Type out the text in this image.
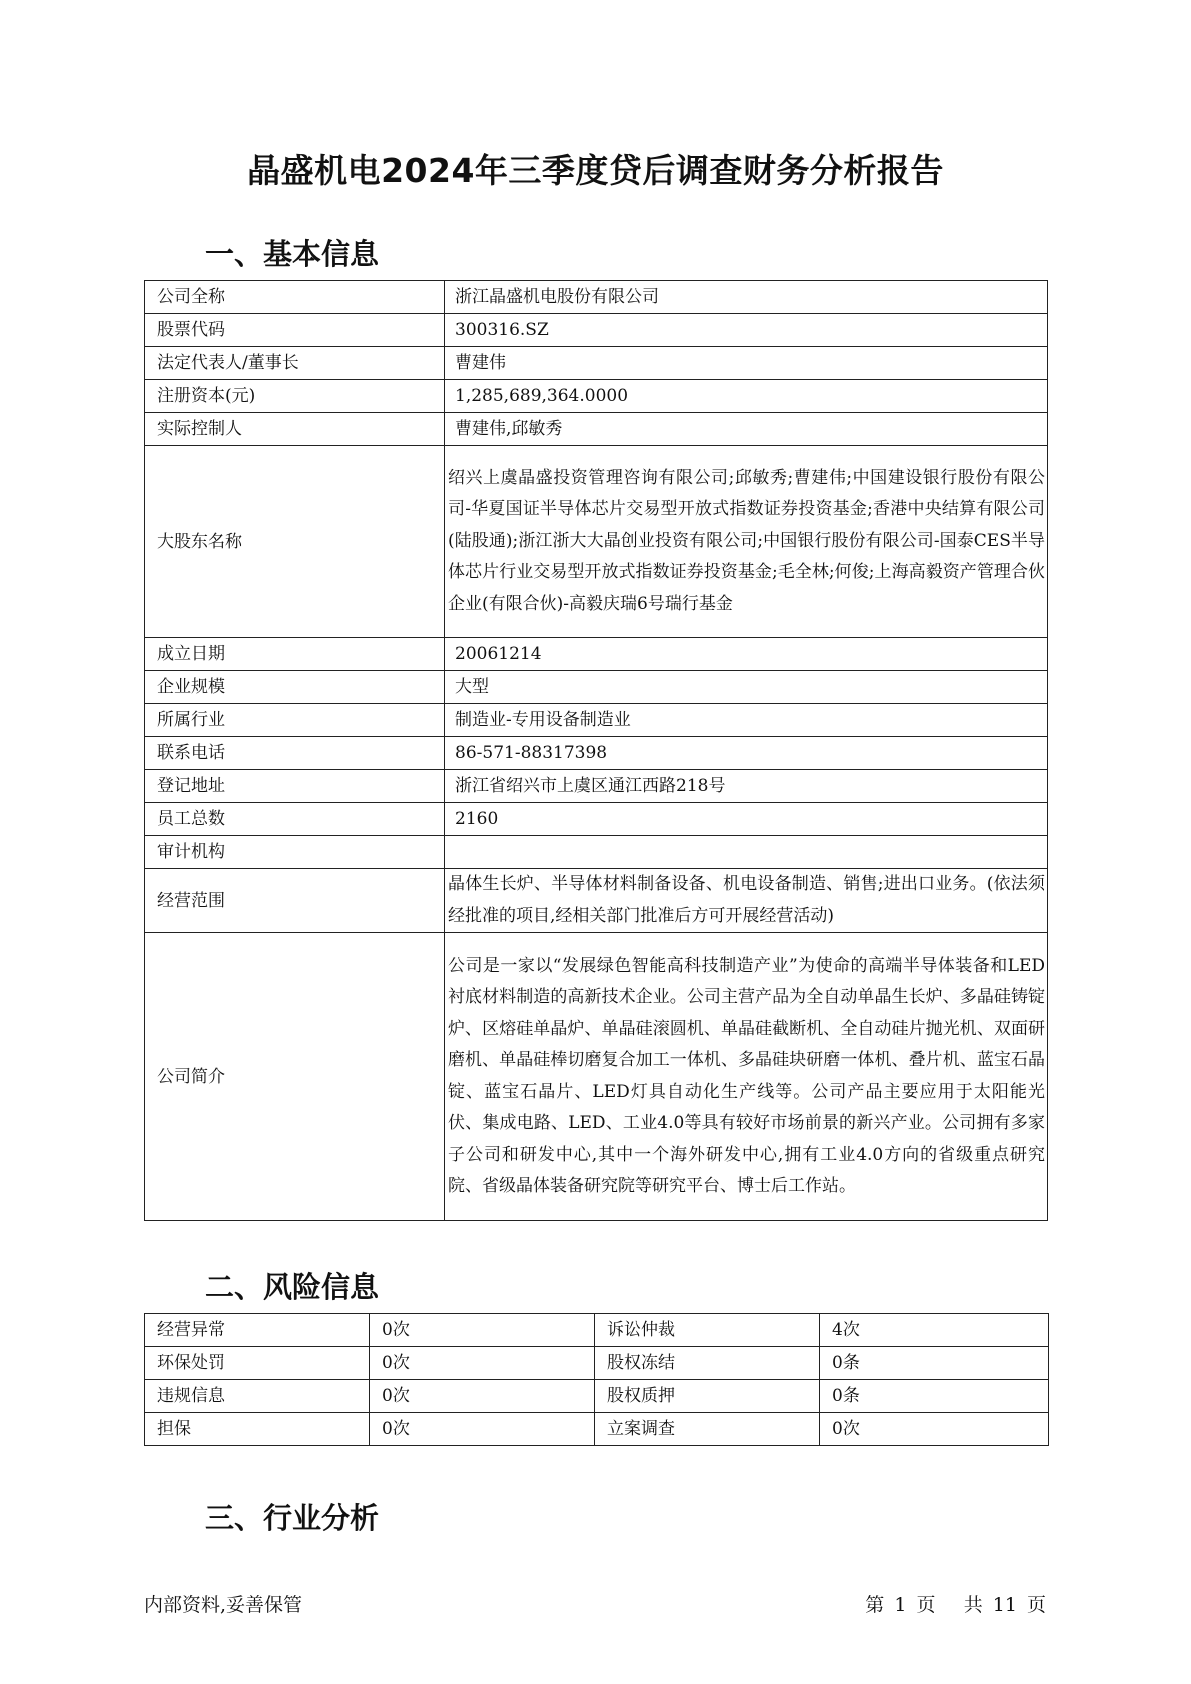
晶盛机电2024年三季度贷后调查财务分析报告
一、基本信息
公司全称	浙江晶盛机电股份有限公司
股票代码	300316.SZ
法定代表人/董事长	曹建伟
注册资本(元)	1,285,689,364.0000
实际控制人	曹建伟,邱敏秀
大股东名称	绍兴上虞晶盛投资管理咨询有限公司;邱敏秀;曹建伟;中国建设银行股份有限公司-华夏国证半导体芯片交易型开放式指数证券投资基金;香港中央结算有限公司(陆股通);浙江浙大大晶创业投资有限公司;中国银行股份有限公司-国泰CES半导体芯片行业交易型开放式指数证券投资基金;毛全林;何俊;上海高毅资产管理合伙企业(有限合伙)-高毅庆瑞6号瑞行基金
成立日期	20061214
企业规模	大型
所属行业	制造业-专用设备制造业
联系电话	86-571-88317398
登记地址	浙江省绍兴市上虞区通江西路218号
员工总数	2160
审计机构	
经营范围	晶体生长炉、半导体材料制备设备、机电设备制造、销售;进出口业务。(依法须经批准的项目,经相关部门批准后方可开展经营活动)
公司简介	公司是一家以“发展绿色智能高科技制造产业”为使命的高端半导体装备和LED衬底材料制造的高新技术企业。公司主营产品为全自动单晶生长炉、多晶硅铸锭炉、区熔硅单晶炉、单晶硅滚圆机、单晶硅截断机、全自动硅片抛光机、双面研磨机、单晶硅棒切磨复合加工一体机、多晶硅块研磨一体机、叠片机、蓝宝石晶锭、蓝宝石晶片、LED灯具自动化生产线等。公司产品主要应用于太阳能光伏、集成电路、LED、工业4.0等具有较好市场前景的新兴产业。公司拥有多家子公司和研发中心,其中一个海外研发中心,拥有工业4.0方向的省级重点研究院、省级晶体装备研究院等研究平台、博士后工作站。
二、风险信息
经营异常	0次	诉讼仲裁	4次
环保处罚	0次	股权冻结	0条
违规信息	0次	股权质押	0条
担保	0次	立案调查	0次
三、行业分析
内部资料,妥善保管	第 1 页 共 11 页
